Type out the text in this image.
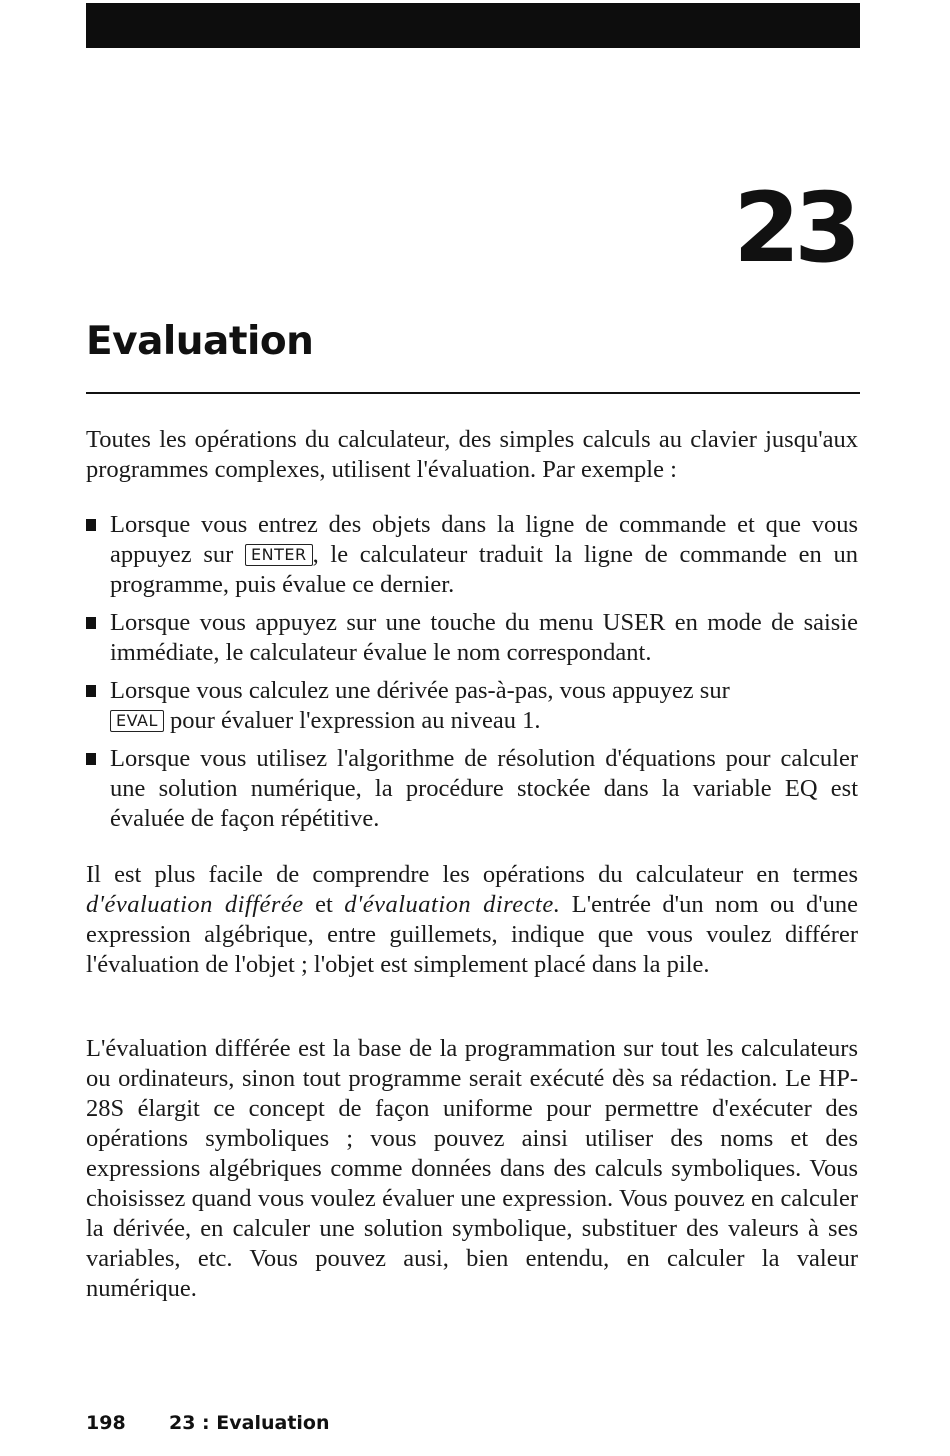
23
Evaluation

Toutes les opérations du calculateur, des simples calculs au clavier jusqu'aux programmes complexes, utilisent l'évaluation. Par exemple :

Lorsque vous entrez des objets dans la ligne de commande et que vous appuyez sur ENTER , le calculateur traduit la ligne de commande en un programme, puis évalue ce dernier.
Lorsque vous appuyez sur une touche du menu USER en mode de saisie immédiate, le calculateur évalue le nom correspondant.
Lorsque vous calculez une dérivée pas-à-pas, vous appuyez sur
EVAL pour évaluer l'expression au niveau 1.
Lorsque vous utilisez l'algorithme de résolution d'équations pour calculer une solution numérique, la procédure stockée dans la variable EQ est évaluée de façon répétitive.

Il est plus facile de comprendre les opérations du calculateur en termes d'évaluation différée et d'évaluation directe. L'entrée d'un nom ou d'une expression algébrique, entre guillemets, indique que vous voulez différer l'évaluation de l'objet ; l'objet est simplement placé dans la pile.

L'évaluation différée est la base de la programmation sur tout les calculateurs ou ordinateurs, sinon tout programme serait exécuté dès sa rédaction. Le HP-28S élargit ce concept de façon uniforme pour permettre d'exécuter des opérations symboliques ; vous pouvez ainsi utiliser des noms et des expressions algébriques comme données dans des calculs symboliques. Vous choisissez quand vous voulez évaluer une expression. Vous pouvez en calculer la dérivée, en calculer une solution symbolique, substituer des valeurs à ses variables, etc. Vous pouvez ausi, bien entendu, en calculer la valeur numérique.

198 23 : Evaluation
